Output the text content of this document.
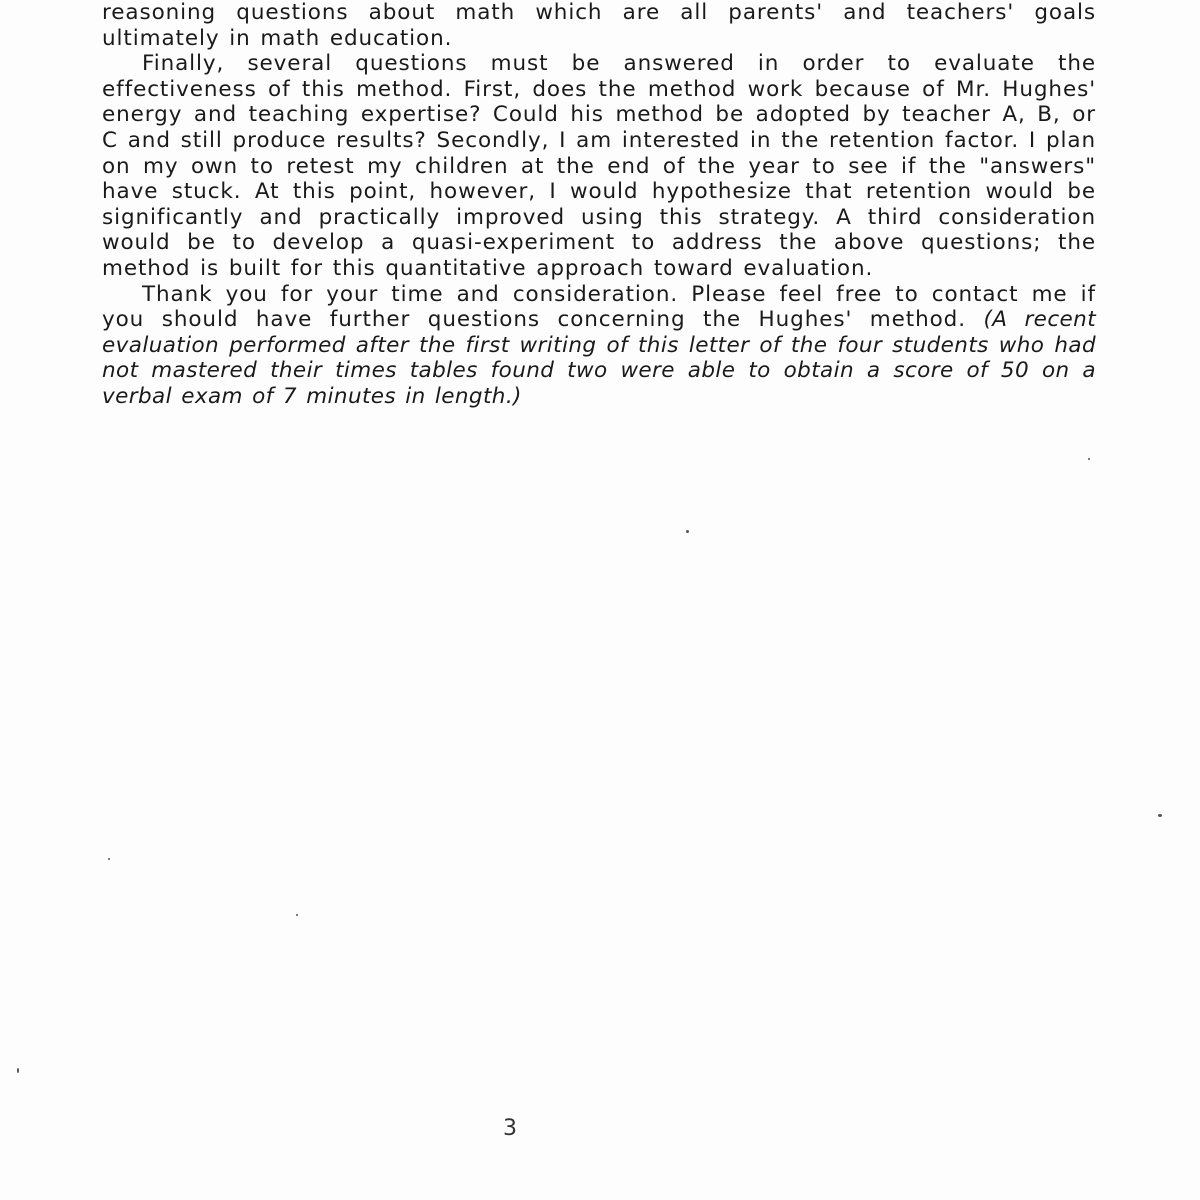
reasoning questions about math which are all parents' and teachers' goals ultimately in math education.

Finally, several questions must be answered in order to evaluate the effectiveness of this method. First, does the method work because of Mr. Hughes' energy and teaching expertise? Could his method be adopted by teacher A, B, or C and still produce results? Secondly, I am interested in the retention factor. I plan on my own to retest my children at the end of the year to see if the "answers" have stuck. At this point, however, I would hypothesize that retention would be significantly and practically improved using this strategy. A third consideration would be to develop a quasi-experiment to address the above questions; the method is built for this quantitative approach toward evaluation.

Thank you for your time and consideration. Please feel free to contact me if you should have further questions concerning the Hughes' method. (A recent evaluation performed after the first writing of this letter of the four students who had not mastered their times tables found two were able to obtain a score of 50 on a verbal exam of 7 minutes in length.)

3
